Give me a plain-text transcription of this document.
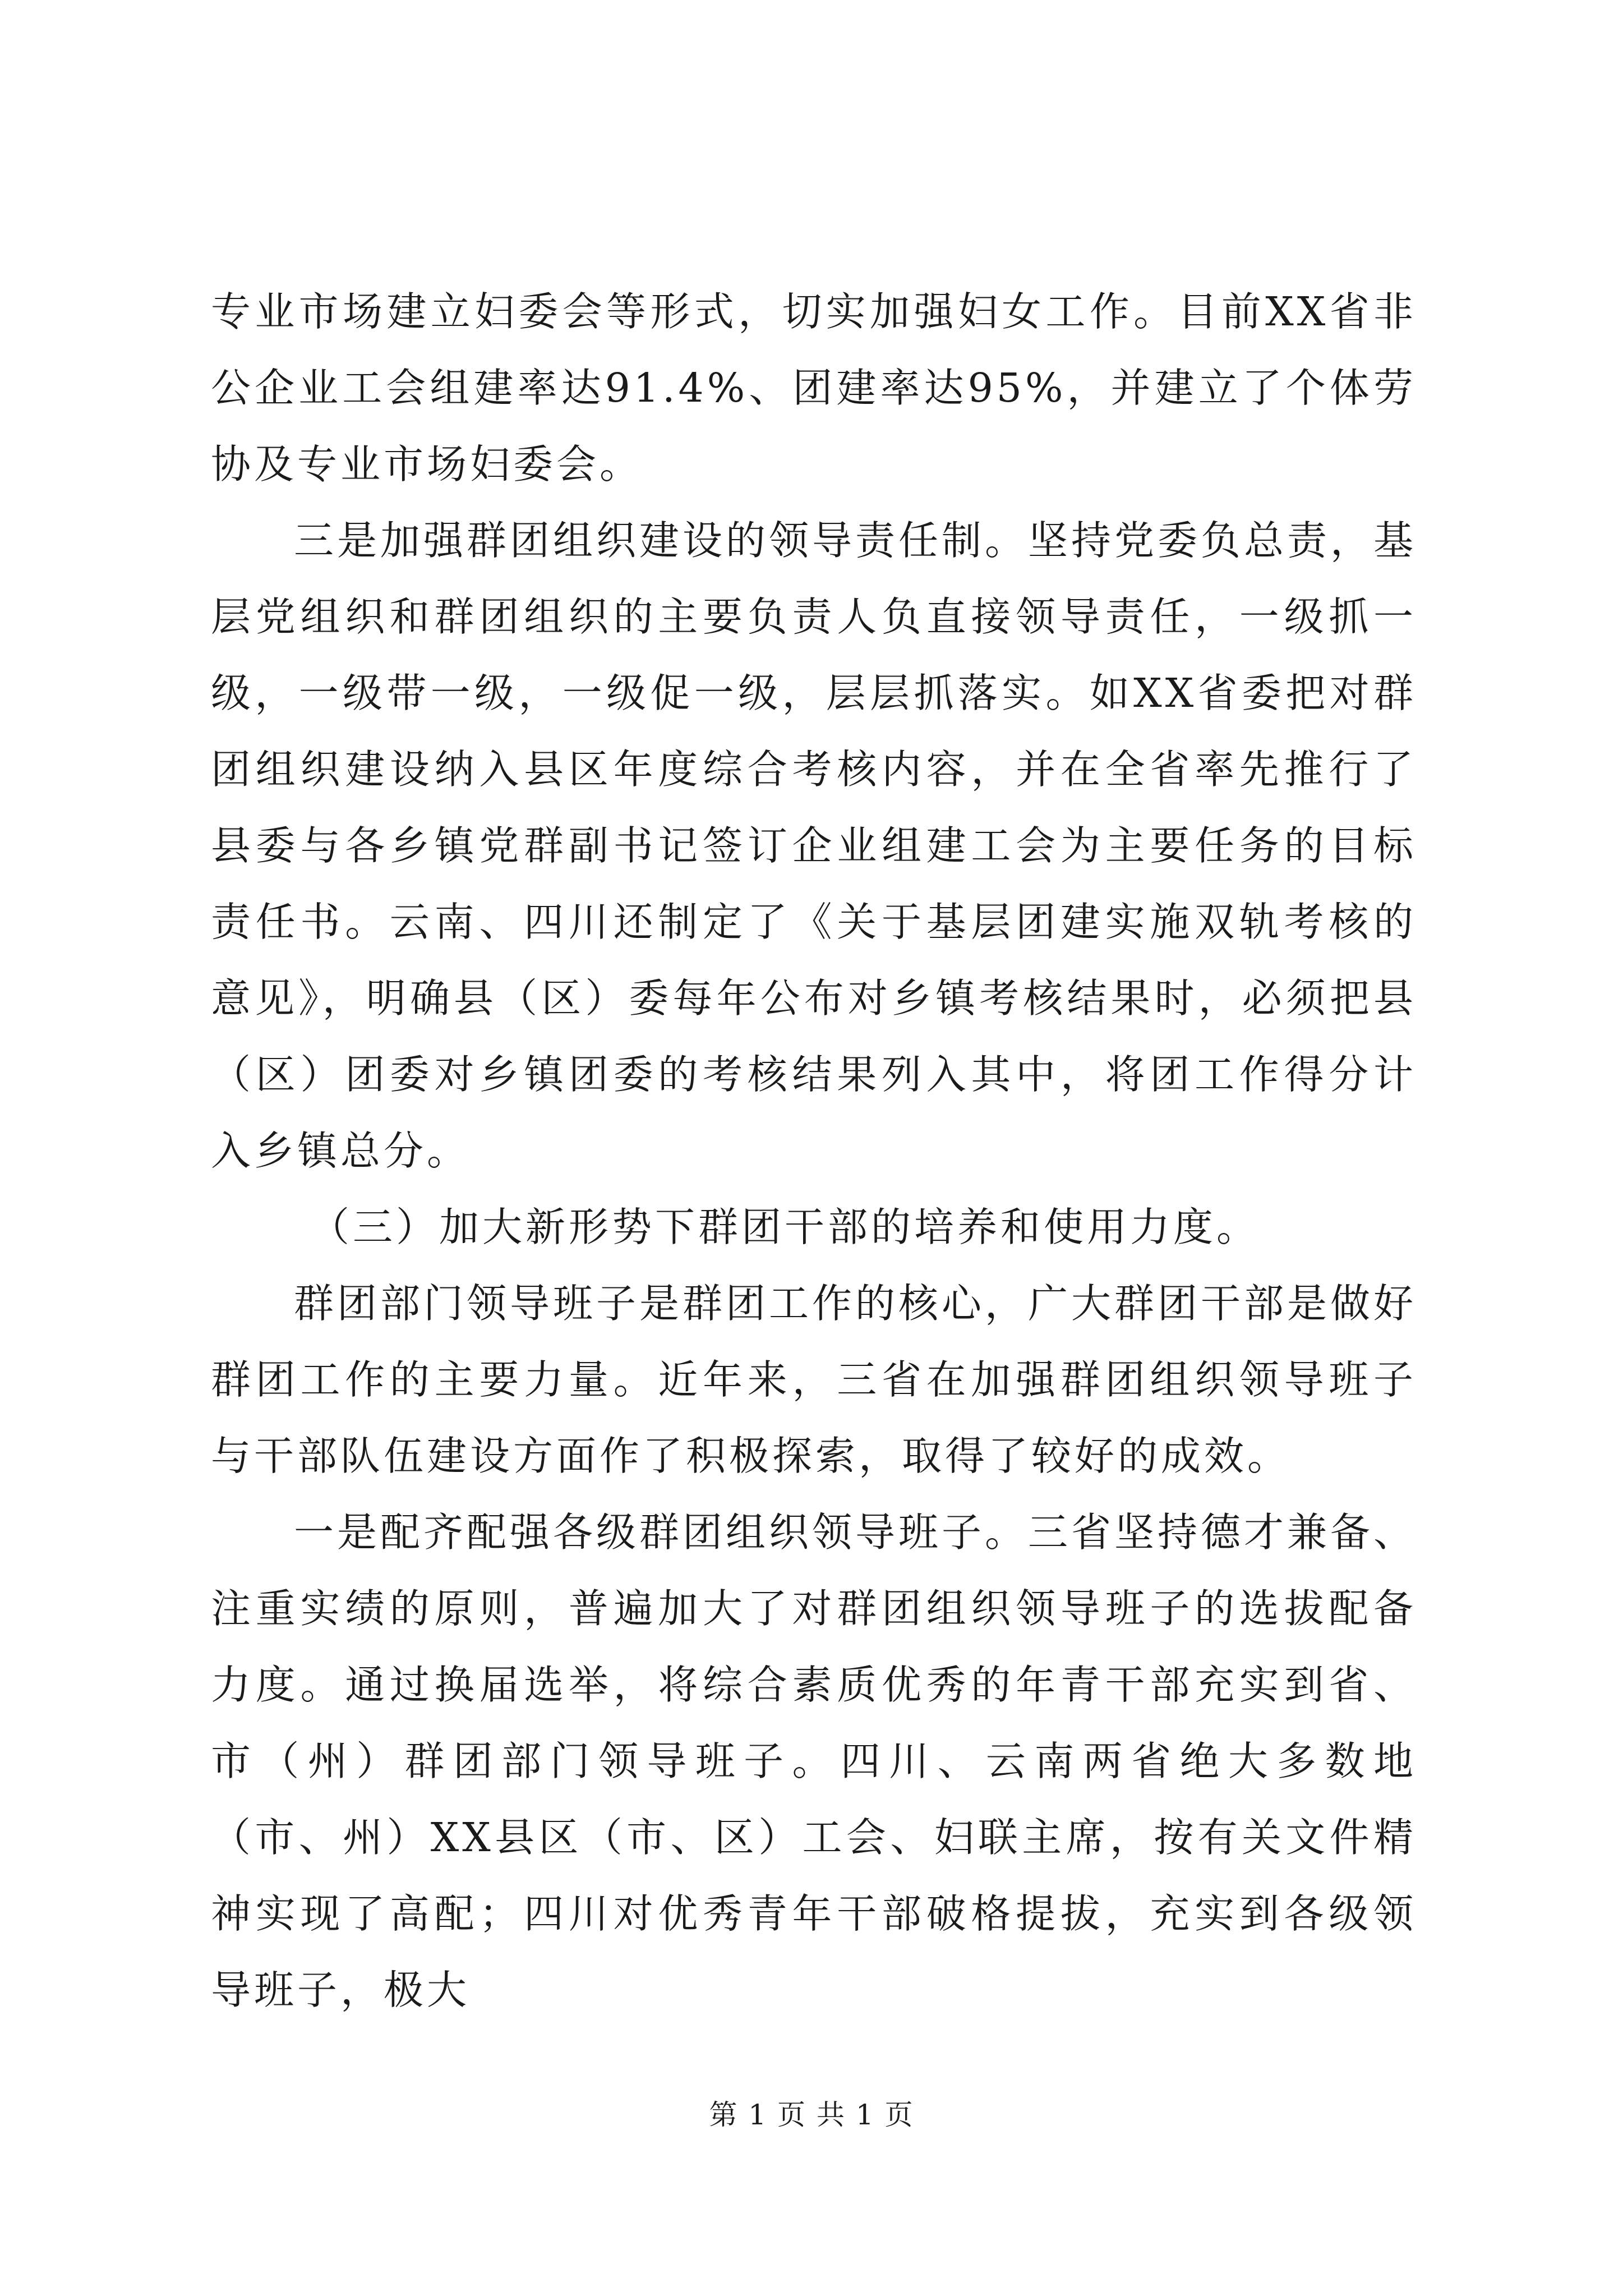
专业市场建立妇委会等形式，切实加强妇女工作。目前XX省非公企业工会组建率达91.4%、团建率达95%，并建立了个体劳协及专业市场妇委会。

三是加强群团组织建设的领导责任制。坚持党委负总责，基层党组织和群团组织的主要负责人负直接领导责任，一级抓一级，一级带一级，一级促一级，层层抓落实。如XX省委把对群团组织建设纳入县区年度综合考核内容，并在全省率先推行了县委与各乡镇党群副书记签订企业组建工会为主要任务的目标责任书。云南、四川还制定了《关于基层团建实施双轨考核的意见》，明确县（区）委每年公布对乡镇考核结果时，必须把县（区）团委对乡镇团委的考核结果列入其中，将团工作得分计入乡镇总分。

（三）加大新形势下群团干部的培养和使用力度。

群团部门领导班子是群团工作的核心，广大群团干部是做好群团工作的主要力量。近年来，三省在加强群团组织领导班子与干部队伍建设方面作了积极探索，取得了较好的成效。

一是配齐配强各级群团组织领导班子。三省坚持德才兼备、注重实绩的原则，普遍加大了对群团组织领导班子的选拔配备力度。通过换届选举，将综合素质优秀的年青干部充实到省、市（州）群团部门领导班子。四川、云南两省绝大多数地（市、州）XX县区（市、区）工会、妇联主席，按有关文件精神实现了高配；四川对优秀青年干部破格提拔，充实到各级领导班子，极大

第 1 页 共 1 页
